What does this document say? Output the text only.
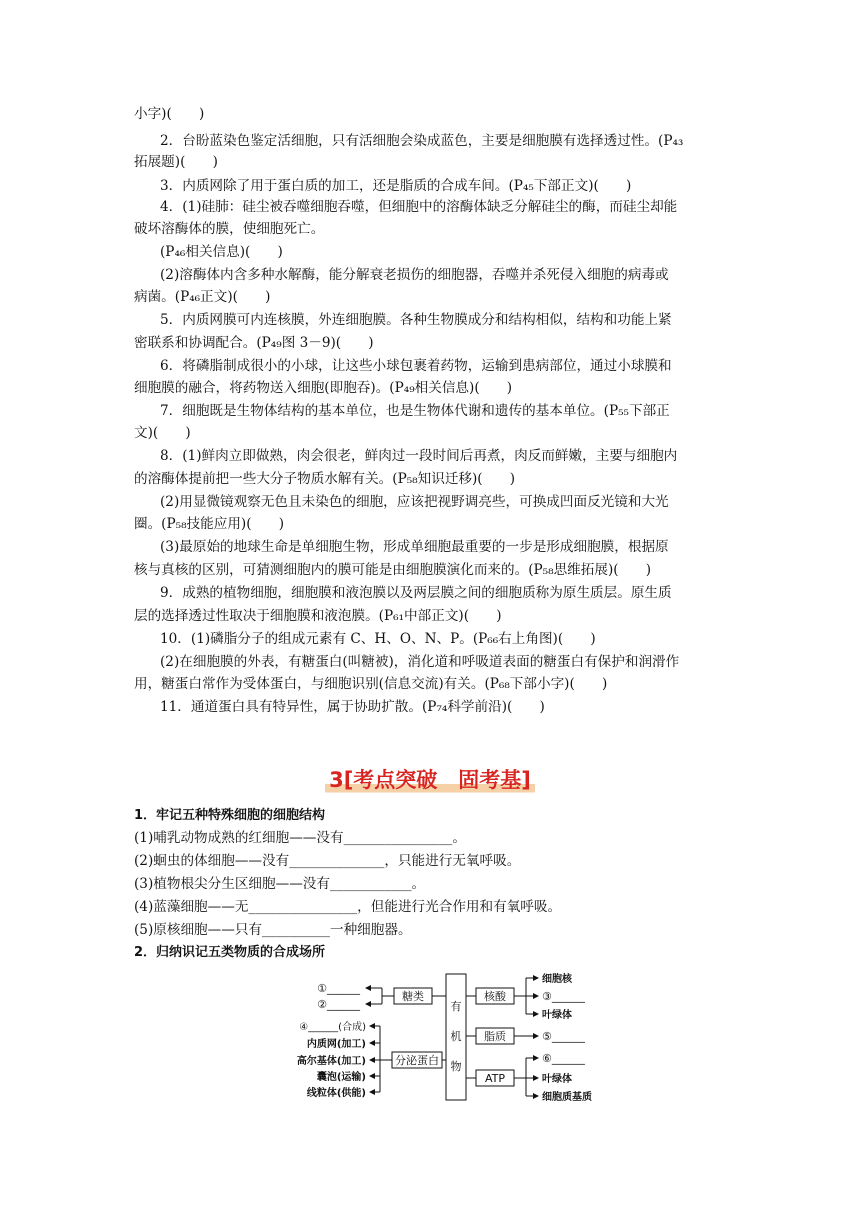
小字)(　　)
2．台盼蓝染色鉴定活细胞，只有活细胞会染成蓝色，主要是细胞膜有选择透过性。(P₄₃
拓展题)(　　)
3．内质网除了用于蛋白质的加工，还是脂质的合成车间。(P₄₅下部正文)(　　)
4．(1)硅肺：硅尘被吞噬细胞吞噬，但细胞中的溶酶体缺乏分解硅尘的酶，而硅尘却能
破坏溶酶体的膜，使细胞死亡。
(P₄₆相关信息)(　　)
(2)溶酶体内含多种水解酶，能分解衰老损伤的细胞器，吞噬并杀死侵入细胞的病毒或
病菌。(P₄₆正文)(　　)
5．内质网膜可内连核膜，外连细胞膜。各种生物膜成分和结构相似，结构和功能上紧
密联系和协调配合。(P₄₉图 3－9)(　　)
6．将磷脂制成很小的小球，让这些小球包裹着药物，运输到患病部位，通过小球膜和
细胞膜的融合，将药物送入细胞(即胞吞)。(P₄₉相关信息)(　　)
7．细胞既是生物体结构的基本单位，也是生物体代谢和遗传的基本单位。(P₅₅下部正
文)(　　)
8．(1)鲜肉立即做熟，肉会很老，鲜肉过一段时间后再煮，肉反而鲜嫩，主要与细胞内
的溶酶体提前把一些大分子物质水解有关。(P₅₈知识迁移)(　　)
(2)用显微镜观察无色且未染色的细胞，应该把视野调亮些，可换成凹面反光镜和大光
圈。(P₅₈技能应用)(　　)
(3)最原始的地球生命是单细胞生物，形成单细胞最重要的一步是形成细胞膜，根据原
核与真核的区别，可猜测细胞内的膜可能是由细胞膜演化而来的。(P₅₈思维拓展)(　　)
9．成熟的植物细胞，细胞膜和液泡膜以及两层膜之间的细胞质称为原生质层。原生质
层的选择透过性取决于细胞膜和液泡膜。(P₆₁中部正文)(　　)
10．(1)磷脂分子的组成元素有 C、H、O、N、P。(P₆₆右上角图)(　　)
(2)在细胞膜的外表，有糖蛋白(叫糖被)，消化道和呼吸道表面的糖蛋白有保护和润滑作
用，糖蛋白常作为受体蛋白，与细胞识别(信息交流)有关。(P₆₈下部小字)(　　)
11．通道蛋白具有特异性，属于协助扩散。(P₇₄科学前沿)(　　)
3[考点突破　固考基]
1．牢记五种特殊细胞的细胞结构
(1)哺乳动物成熟的红细胞——没有________________。
(2)蛔虫的体细胞——没有______________，只能进行无氧呼吸。
(3)植物根尖分生区细胞——没有____________。
(4)蓝藻细胞——无________________，但能进行光合作用和有氧呼吸。
(5)原核细胞——只有__________一种细胞器。
2．归纳识记五类物质的合成场所
有
机
物
糖类
分泌蛋白
核酸
脂质
ATP
①______
②______
④______(合成)
内质网(加工)
高尔基体(加工)
囊泡(运输)
线粒体(供能)
细胞核
③______
叶绿体
⑤______
⑥______
叶绿体
细胞质基质
